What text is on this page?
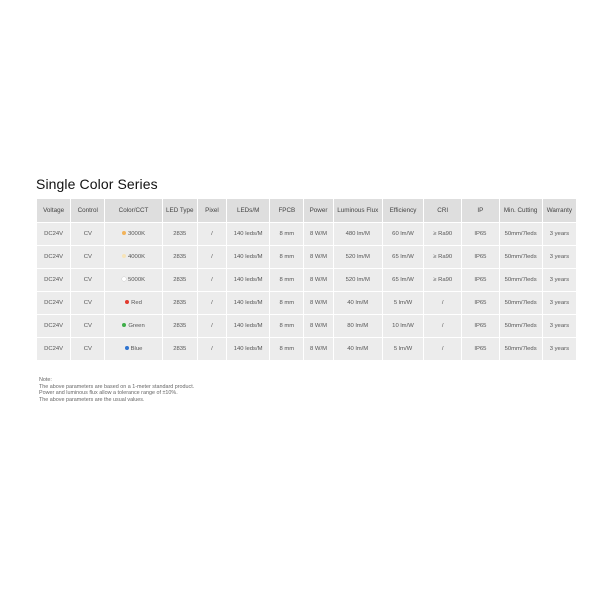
Single Color Series
Voltage	Control	Color/CCT	LED Type	Pixel	LEDs/M	FPCB	Power	Luminous Flux	Efficiency	CRI	IP	Min. Cutting	Warranty
DC24V	CV	3000K	2835	/	140 leds/M	8 mm	8 W/M	480 lm/M	60 lm/W	≥ Ra90	IP65	50mm/7leds	3 years
DC24V	CV	4000K	2835	/	140 leds/M	8 mm	8 W/M	520 lm/M	65 lm/W	≥ Ra90	IP65	50mm/7leds	3 years
DC24V	CV	5000K	2835	/	140 leds/M	8 mm	8 W/M	520 lm/M	65 lm/W	≥ Ra90	IP65	50mm/7leds	3 years
DC24V	CV	Red	2835	/	140 leds/M	8 mm	8 W/M	40 lm/M	5 lm/W	/	IP65	50mm/7leds	3 years
DC24V	CV	Green	2835	/	140 leds/M	8 mm	8 W/M	80 lm/M	10 lm/W	/	IP65	50mm/7leds	3 years
DC24V	CV	Blue	2835	/	140 leds/M	8 mm	8 W/M	40 lm/M	5 lm/W	/	IP65	50mm/7leds	3 years
Note:
The above parameters are based on a 1-meter standard product.
Power and luminous flux allow a tolerance range of ±10%.
The above parameters are the usual values.
